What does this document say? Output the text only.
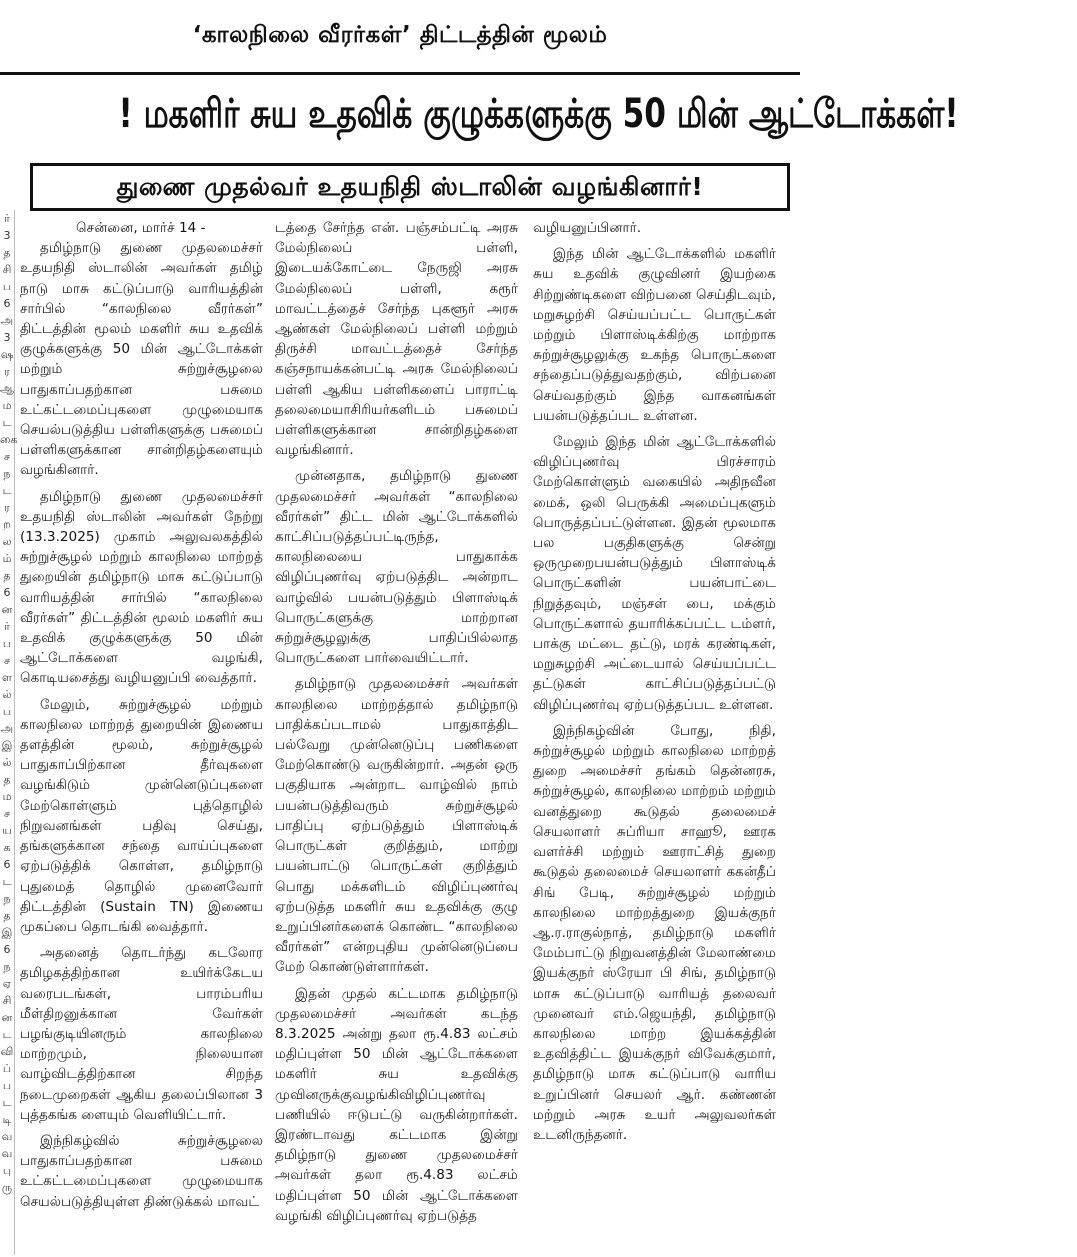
‘காலநிலை வீரர்கள்’ திட்டத்தின் மூலம்
! மகளிர் சுய உதவிக் குழுக்களுக்கு 50 மின் ஆட்டோக்கள்!
துணை முதல்வர் உதயநிதி ஸ்டாலின் வழங்கினார்!
ர் 3 த சி ப 6 அ 3 ஷ ர ஆ ம ட கை ச ந ட ர ற ல ம் த 6 ன ர் ப ச ள ல் ப அ இ ல் த ம ச ய க 6 ட ந த இ 6 ந ஏ சி ன ட வி ப் ப ட டி வ வ பு ரு
சென்னை, மார்ச் 14 -

தமிழ்நாடு துணை முதலமைச்சர் உதயநிதி ஸ்டாலின் அவர்கள் தமிழ் நாடு மாசு கட்டுப்பாடு வாரியத்தின் சார்பில் “காலநிலை வீரர்கள்” திட்டத்தின் மூலம் மகளிர் சுய உதவிக் குழுக்களுக்கு 50 மின் ஆட்டோக்கள் மற்றும் சுற்றுச்சூழலை பாதுகாப்பதற்கான பசுமை உட்கட்டமைப்புகளை முழுமையாக செயல்படுத்திய பள்ளிகளுக்கு பசுமைப் பள்ளிகளுக்கான சான்றிதழ்களையும் வழங்கினார்.

தமிழ்நாடு துணை முதலமைச்சர் உதயநிதி ஸ்டாலின் அவர்கள் நேற்று (13.3.2025) முகாம் அலுவலகத்தில் சுற்றுச்சூழல் மற்றும் காலநிலை மாற்றத் துறையின் தமிழ்நாடு மாசு கட்டுப்பாடு வாரியத்தின் சார்பில் “காலநிலை வீரர்கள்” திட்டத்தின் மூலம் மகளிர் சுய உதவிக் குழுக்களுக்கு 50 மின் ஆட்டோக்களை வழங்கி, கொடியசைத்து வழியனுப்பி வைத்தார்.

மேலும், சுற்றுச்சூழல் மற்றும் காலநிலை மாற்றத் துறையின் இணைய தளத்தின் மூலம், சுற்றுச்சூழல் பாதுகாப்பிற்கான தீர்வுகளை வழங்கிடும் முன்னெடுப்புகளை மேற்கொள்ளும் புத்தொழில் நிறுவனங்கள் பதிவு செய்து, தங்களுக்கான சந்தை வாய்ப்புகளை ஏற்படுத்திக் கொள்ள, தமிழ்நாடு புதுமைத் தொழில் முனைவோர் திட்டத்தின் (Sustain TN) இணைய முகப்பை தொடங்கி வைத்தார்.

அதனைத் தொடர்ந்து கடலோர தமிழகத்திற்கான உயிர்க்கேடய வரைபடங்கள், பாரம்பரிய மீள்திறனுக்கான வேர்கள் பழங்குடியினரும் காலநிலை மாற்றமும், நிலையான வாழ்விடத்திற்கான சிறந்த நடைமுறைகள் ஆகிய தலைப்பிலான 3 புத்தகங்க ளையும் வெளியிட்டார்.

இந்நிகழ்வில் சுற்றுச்சூழலை பாதுகாப்பதற்கான பசுமை உட்கட்டமைப்புகளை முழுமையாக செயல்படுத்தியுள்ள திண்டுக்கல் மாவட்

டத்தை சேர்ந்த என். பஞ்சம்பட்டி அரசு மேல்நிலைப் பள்ளி, இடையக்கோட்டை நேருஜி அரசு மேல்நிலைப் பள்ளி, கரூர் மாவட்டத்தைச் சேர்ந்த புகளூர் அரசு ஆண்கள் மேல்நிலைப் பள்ளி மற்றும் திருச்சி மாவட்டத்தைச் சேர்ந்த கஞ்சநாயக்கன்பட்டி அரசு மேல்நிலைப் பள்ளி ஆகிய பள்ளிகளைப் பாராட்டி தலைமையாசிரியர்களிடம் பசுமைப் பள்ளிகளுக்கான சான்றிதழ்களை வழங்கினார்.

முன்னதாக, தமிழ்நாடு துணை முதலமைச்சர் அவர்கள் “காலநிலை வீரர்கள்” திட்ட மின் ஆட்டோக்களில் காட்சிப்படுத்தப்பட்டிருந்த, காலநிலையை பாதுகாக்க விழிப்புணர்வு ஏற்படுத்திட அன்றாட வாழ்வில் பயன்படுத்தும் பிளாஸ்டிக் பொருட்களுக்கு மாற்றான சுற்றுச்சூழலுக்கு பாதிப்பில்லாத பொருட்களை பார்வையிட்டார்.

தமிழ்நாடு முதலமைச்சர் அவர்கள் காலநிலை மாற்றத்தால் தமிழ்நாடு பாதிக்கப்படாமல் பாதுகாத்திட பல்வேறு முன்னெடுப்பு பணிகளை மேற்கொண்டு வருகின்றார். அதன் ஒரு பகுதியாக அன்றாட வாழ்வில் நாம் பயன்படுத்திவரும் சுற்றுச்சூழல் பாதிப்பு ஏற்படுத்தும் பிளாஸ்டிக் பொருட்கள் குறித்தும், மாற்று பயன்பாட்டு பொருட்கள் குறித்தும் பொது மக்களிடம் விழிப்புணர்வு ஏற்படுத்த மகளிர் சுய உதவிக்கு குழு உறுப்பினர்களைக் கொண்ட “காலநிலை வீரர்கள்” என்றபுதிய முன்னெடுப்பை மேற் கொண்டுள்ளார்கள்.

இதன் முதல் கட்டமாக தமிழ்நாடு முதலமைச்சர் அவர்கள் கடந்த 8.3.2025 அன்று தலா ரூ.4.83 லட்சம் மதிப்புள்ள 50 மின் ஆட்டோக்களை மகளிர் சுய உதவிக்கு முவினருக்குவழங்கிவிழிப்புணர்வு பணியில் ஈடுபட்டு வருகின்றார்கள். இரண்டாவது கட்டமாக இன்று தமிழ்நாடு துணை முதலமைச்சர் அவர்கள் தலா ரூ.4.83 லட்சம் மதிப்புள்ள 50 மின் ஆட்டோக்களை வழங்கி விழிப்புணர்வு ஏற்படுத்த

வழியனுப்பினார்.

இந்த மின் ஆட்டோக்களில் மகளிர் சுய உதவிக் குழுவினர் இயற்கை சிற்றுண்டிகளை விற்பனை செய்திடவும், மறுசுழற்சி செய்யப்பட்ட பொருட்கள் மற்றும் பிளாஸ்டிக்கிற்கு மாற்றாக சுற்றுச்சூழலுக்கு உகந்த பொருட்களை சந்தைப்படுத்துவதற்கும், விற்பனை செய்வதற்கும் இந்த வாகனங்கள் பயன்படுத்தப்பட உள்ளன.

மேலும் இந்த மின் ஆட்டோக்களில் விழிப்புணர்வு பிரச்சாரம் மேற்கொள்ளும் வகையில் அதிநவீன மைக், ஒலி பெருக்கி அமைப்புகளும் பொருத்தப்பட்டுள்ளன. இதன் மூலமாக பல பகுதிகளுக்கு சென்று ஒருமுறைபயன்படுத்தும் பிளாஸ்டிக் பொருட்களின் பயன்பாட்டை நிறுத்தவும், மஞ்சள் பை, மக்கும் பொருட்களால் தயாரிக்கப்பட்ட டம்ளர், பாக்கு மட்டை தட்டு, மரக் கரண்டிகள், மறுசுழற்சி அட்டையால் செய்யப்பட்ட தட்டுகள் காட்சிப்படுத்தப்பட்டு விழிப்புணர்வு ஏற்படுத்தப்பட உள்ளன.

இந்நிகழ்வின் போது, நிதி, சுற்றுச்சூழல் மற்றும் காலநிலை மாற்றத் துறை அமைச்சர் தங்கம் தென்னரசு, சுற்றுச்சூழல், காலநிலை மாற்றம் மற்றும் வனத்துறை கூடுதல் தலைமைச் செயலாளர் சுப்ரியா சாஹூ, ஊரக வளர்ச்சி மற்றும் ஊராட்சித் துறை கூடுதல் தலைமைச் செயலாளர் ககன்தீப் சிங் பேடி, சுற்றுச்சூழல் மற்றும் காலநிலை மாற்றத்துறை இயக்குநர் ஆ.ர.ராகுல்நாத், தமிழ்நாடு மகளிர் மேம்பாட்டு நிறுவனத்தின் மேலாண்மை இயக்குநர் ஸ்ரேயா பி சிங், தமிழ்நாடு மாசு கட்டுப்பாடு வாரியத் தலைவர் முனைவர் எம்.ஜெயந்தி, தமிழ்நாடு காலநிலை மாற்ற இயக்கத்தின் உதவித்திட்ட இயக்குநர் விவேக்குமார், தமிழ்நாடு மாசு கட்டுப்பாடு வாரிய உறுப்பினர் செயலர் ஆர். கண்ணன் மற்றும் அரசு உயர் அலுவலர்கள் உடனிருந்தனர்.
